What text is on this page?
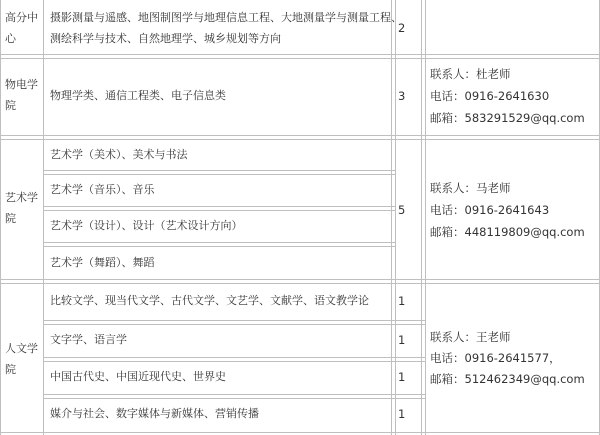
高分中
心
摄影测量与遥感、地图制图学与地理信息工程、大地测量学与测量工程、
测绘科学与技术、自然地理学、城乡规划等方向
2
物电学
院
物理学类、通信工程类、电子信息类	3
联系人：杜老师
电话：0916-2641630
邮箱：583291529@qq.com
艺术学
院
艺术学（美术）、美术与书法
艺术学（音乐）、音乐
艺术学（设计）、设计（艺术设计方向）
艺术学（舞蹈）、舞蹈
5
联系人：马老师
电话：0916-2641643
邮箱：448119809@qq.com
人文学
院
比较文学、现当代文学、古代文学、文艺学、文献学、语文教学论
文字学、语言学
中国古代史、中国近现代史、世界史
媒介与社会、数字媒体与新媒体、营销传播
1
1
1
1
联系人：王老师
电话：0916-2641577，
邮箱：512462349@qq.com
